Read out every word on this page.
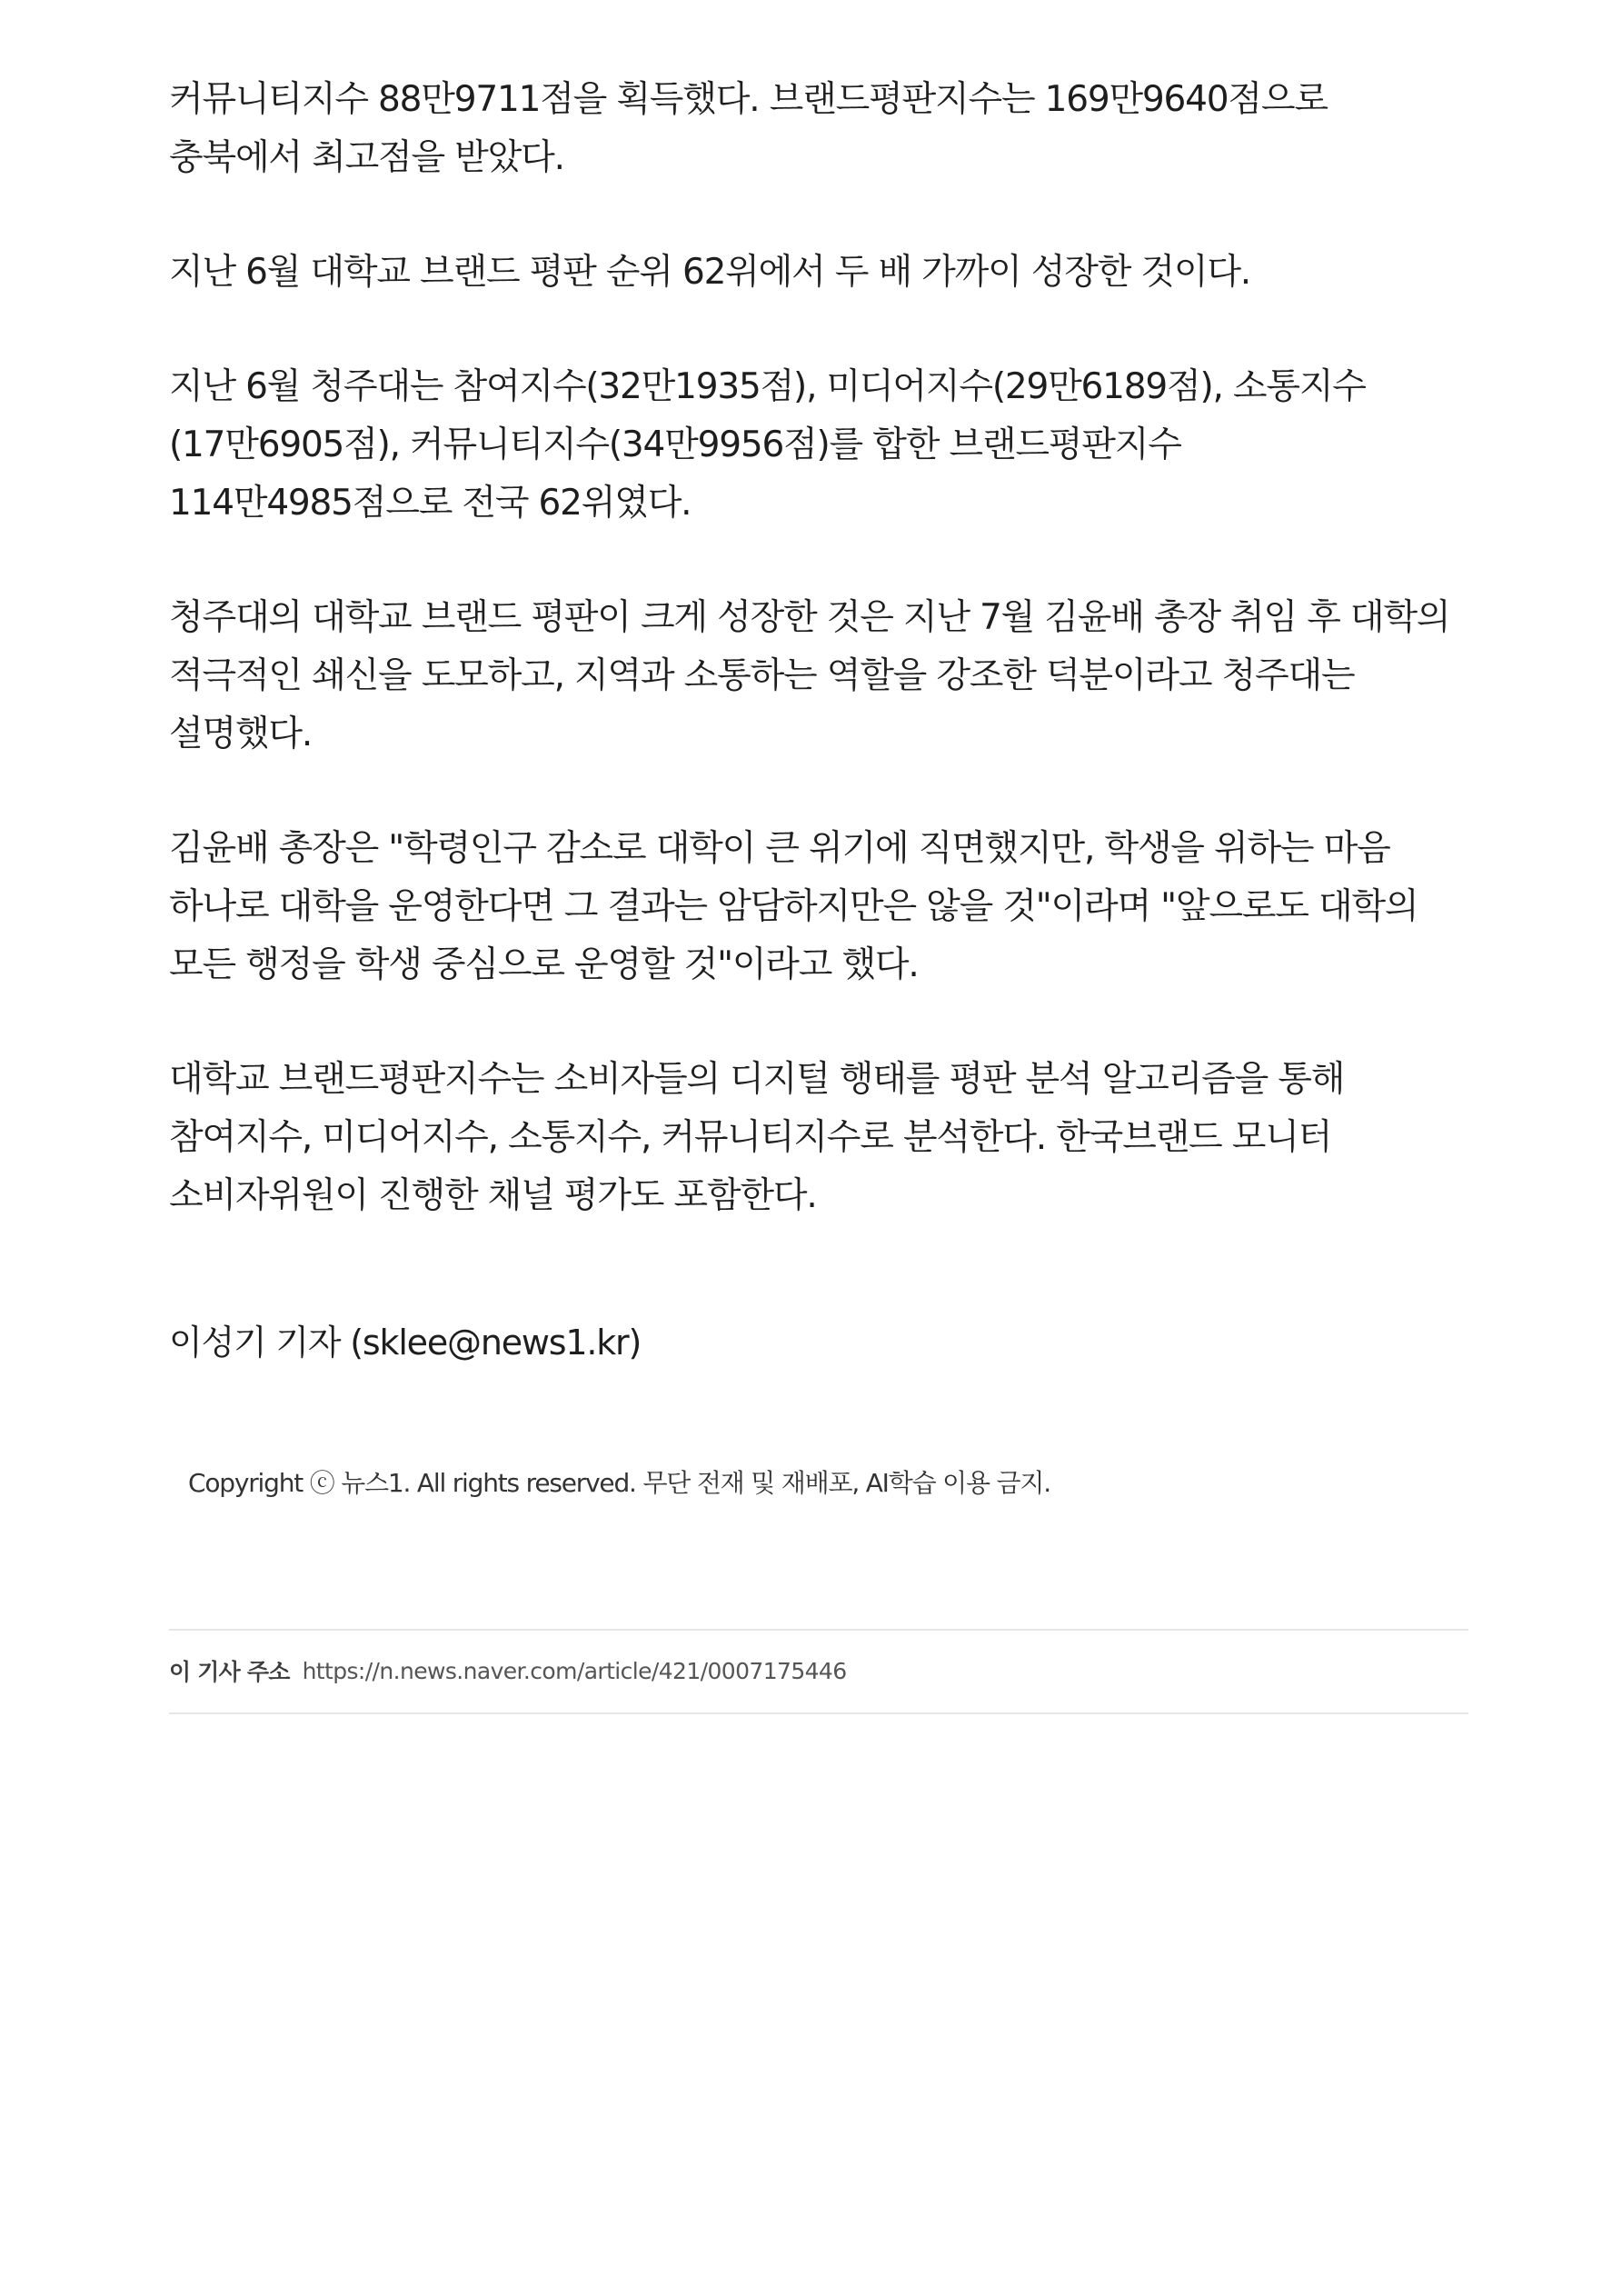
커뮤니티지수 88만9711점을 획득했다. 브랜드평판지수는 169만9640점으로 충북에서 최고점을 받았다.

지난 6월 대학교 브랜드 평판 순위 62위에서 두 배 가까이 성장한 것이다.

지난 6월 청주대는 참여지수(32만1935점), 미디어지수(29만6189점), 소통지수(17만6905점), 커뮤니티지수(34만9956점)를 합한 브랜드평판지수 114만4985점으로 전국 62위였다.

청주대의 대학교 브랜드 평판이 크게 성장한 것은 지난 7월 김윤배 총장 취임 후 대학의 적극적인 쇄신을 도모하고, 지역과 소통하는 역할을 강조한 덕분이라고 청주대는 설명했다.

김윤배 총장은 "학령인구 감소로 대학이 큰 위기에 직면했지만, 학생을 위하는 마음 하나로 대학을 운영한다면 그 결과는 암담하지만은 않을 것"이라며 "앞으로도 대학의 모든 행정을 학생 중심으로 운영할 것"이라고 했다.

대학교 브랜드평판지수는 소비자들의 디지털 행태를 평판 분석 알고리즘을 통해 참여지수, 미디어지수, 소통지수, 커뮤니티지수로 분석한다. 한국브랜드 모니터 소비자위원이 진행한 채널 평가도 포함한다.

이성기 기자 (sklee@news1.kr)
Copyright ⓒ 뉴스1. All rights reserved. 무단 전재 및 재배포, AI학습 이용 금지.
이 기사 주소 https://n.news.naver.com/article/421/0007175446
